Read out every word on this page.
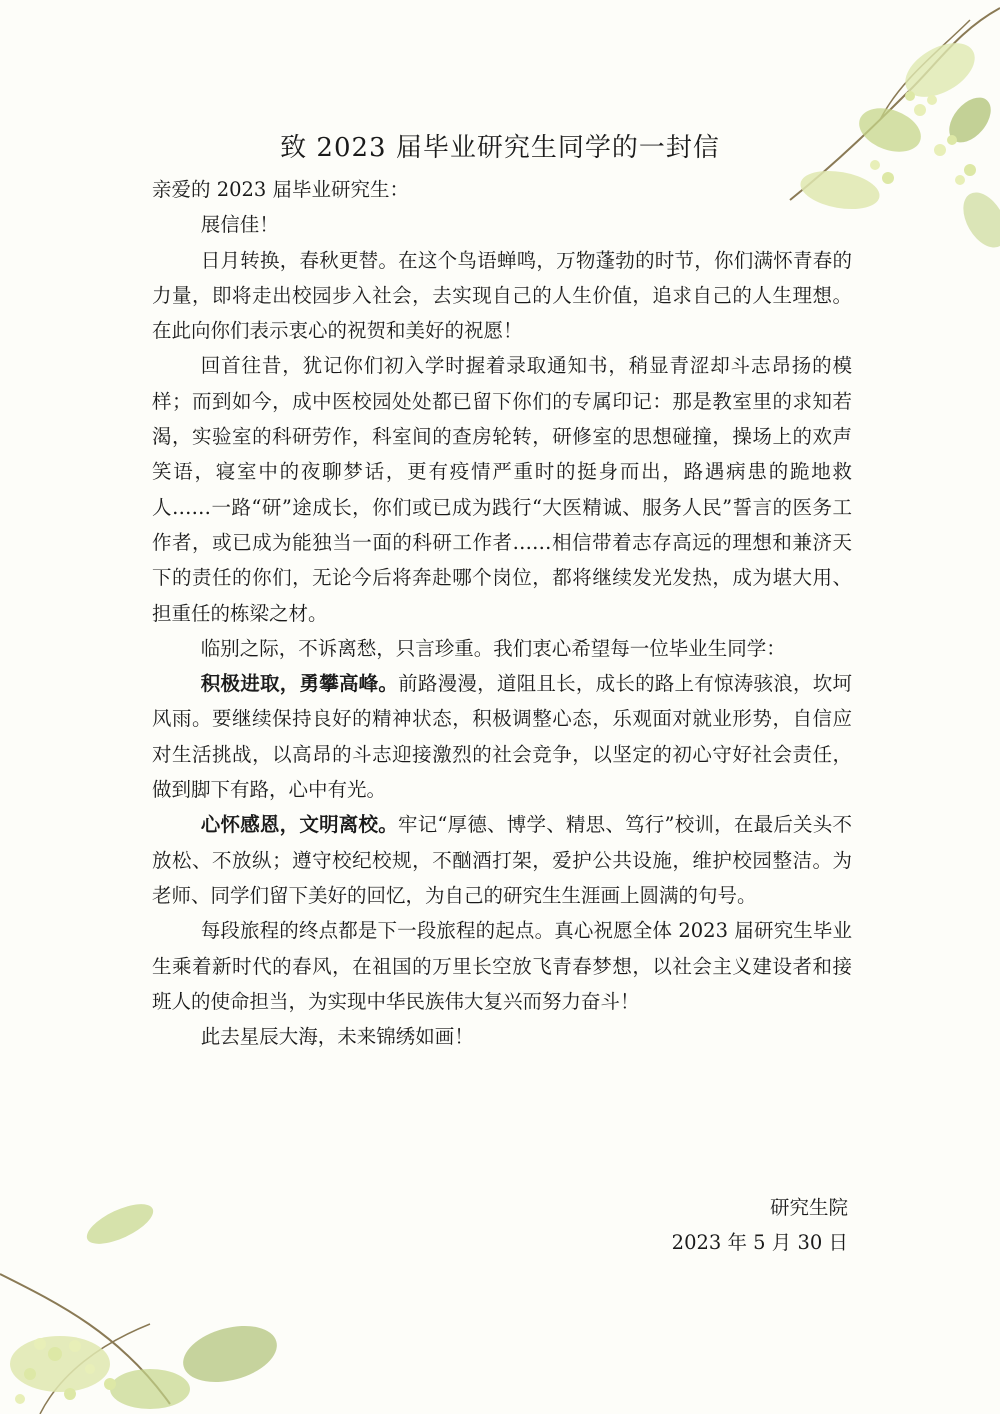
致 2023 届毕业研究生同学的一封信

亲爱的 2023 届毕业研究生：

展信佳！

日月转换，春秋更替。在这个鸟语蝉鸣，万物蓬勃的时节，你们满怀青春的力量，即将走出校园步入社会，去实现自己的人生价值，追求自己的人生理想。在此向你们表示衷心的祝贺和美好的祝愿！

回首往昔，犹记你们初入学时握着录取通知书，稍显青涩却斗志昂扬的模样；而到如今，成中医校园处处都已留下你们的专属印记：那是教室里的求知若渴，实验室的科研劳作，科室间的查房轮转，研修室的思想碰撞，操场上的欢声笑语，寝室中的夜聊梦话，更有疫情严重时的挺身而出，路遇病患的跪地救人……一路“研”途成长，你们或已成为践行“大医精诚、服务人民”誓言的医务工作者，或已成为能独当一面的科研工作者……相信带着志存高远的理想和兼济天下的责任的你们，无论今后将奔赴哪个岗位，都将继续发光发热，成为堪大用、担重任的栋梁之材。

临别之际，不诉离愁，只言珍重。我们衷心希望每一位毕业生同学：

积极进取，勇攀高峰。前路漫漫，道阻且长，成长的路上有惊涛骇浪，坎坷风雨。要继续保持良好的精神状态，积极调整心态，乐观面对就业形势，自信应对生活挑战，以高昂的斗志迎接激烈的社会竞争，以坚定的初心守好社会责任，做到脚下有路，心中有光。

心怀感恩，文明离校。牢记“厚德、博学、精思、笃行”校训，在最后关头不放松、不放纵；遵守校纪校规，不酗酒打架，爱护公共设施，维护校园整洁。为老师、同学们留下美好的回忆，为自己的研究生生涯画上圆满的句号。

每段旅程的终点都是下一段旅程的起点。真心祝愿全体 2023 届研究生毕业生乘着新时代的春风，在祖国的万里长空放飞青春梦想，以社会主义建设者和接班人的使命担当，为实现中华民族伟大复兴而努力奋斗！

此去星辰大海，未来锦绣如画！

研究生院
2023 年 5 月 30 日
